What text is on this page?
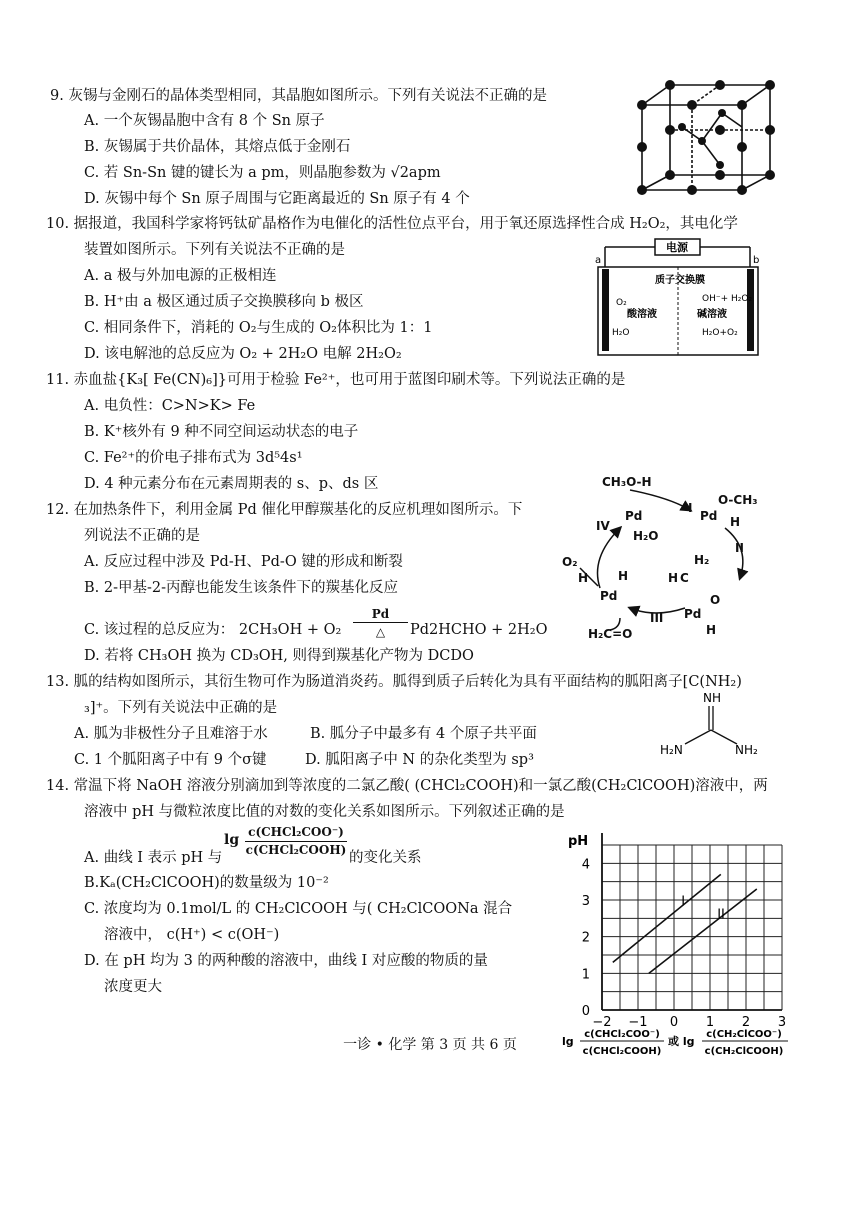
9. 灰锡与金刚石的晶体类型相同，其晶胞如图所示。下列有关说法不正确的是
A. 一个灰锡晶胞中含有 8 个 Sn 原子
B. 灰锡属于共价晶体，其熔点低于金刚石
C. 若 Sn-Sn 键的键长为 a pm，则晶胞参数为 √2apm
D. 灰锡中每个 Sn 原子周围与它距离最近的 Sn 原子有 4 个
10. 据报道，我国科学家将钙钛矿晶格作为电催化的活性位点平台，用于氧还原选择性合成 H₂O₂，其电化学
装置如图所示。下列有关说法不正确的是
A. a 极与外加电源的正极相连
B. H⁺由 a 极区通过质子交换膜移向 b 极区
C. 相同条件下，消耗的 O₂与生成的 O₂体积比为 1：1
D. 该电解池的总反应为 O₂ + 2H₂O 电解 2H₂O₂
电源
a	b
质子交换膜
酸溶液	碱溶液
O₂
H₂O
OH⁻+ H₂O₂
H₂O+O₂
11. 赤血盐{K₃[ Fe(CN)₆]}可用于检验 Fe²⁺，也可用于蓝图印刷术等。下列说法正确的是
A. 电负性：C>N>K> Fe
B. K⁺核外有 9 种不同空间运动状态的电子
C. Fe²⁺的价电子排布式为 3d⁵4s¹
D. 4 种元素分布在元素周期表的 s、p、ds 区
12. 在加热条件下，利用金属 Pd 催化甲醇羰基化的反应机理如图所示。下
列说法不正确的是
A. 反应过程中涉及 Pd-H、Pd-O 键的形成和断裂
B. 2-甲基-2-丙醇也能发生该条件下的羰基化反应
C. 该过程的总反应为： 2CH₃OH + O₂
Pd
△	Pd2HCHO + 2H₂O
D. 若将 CH₃OH 换为 CD₃OH, 则得到羰基化产物为 DCDO
CH₃O-H
Pd
IV
H₂O
I
Pd
O-CH₃
H
II
O₂
H
Pd
H
H₂
H C
O
Pd
H
III
H₂C=O
13. 胍的结构如图所示，其衍生物可作为肠道消炎药。胍得到质子后转化为具有平面结构的胍阳离子[C(NH₂)
₃]⁺。下列有关说法中正确的是
A. 胍为非极性分子且难溶于水	B. 胍分子中最多有 4 个原子共平面
C. 1 个胍阳离子中有 9 个σ键	D. 胍阳离子中 N 的杂化类型为 sp³
NH
H₂N	NH₂
14. 常温下将 NaOH 溶液分别滴加到等浓度的二氯乙酸( (CHCl₂COOH)和一氯乙酸(CH₂ClCOOH)溶液中，两
溶液中 pH 与微粒浓度比值的对数的变化关系如图所示。下列叙述正确的是
A. 曲线 I 表示 pH 与
lg c(CHCl₂COO⁻)
c(CHCl₂COOH) 的变化关系
B.Kₐ(CH₂ClCOOH)的数量级为 10⁻²
C. 浓度均为 0.1mol/L 的 CH₂ClCOOH 与( CH₂ClCOONa 混合
溶液中， c(H⁺) < c(OH⁻)
D. 在 pH 均为 3 的两种酸的溶液中，曲线 I 对应酸的物质的量
浓度更大
pH
I
II
0
1
2
3
4
−2 −1 0 1 2 3
lg
c(CHCl₂COO⁻)
c(CHCl₂COOH)
或 lg
c(CH₂ClCOO⁻)
c(CH₂ClCOOH)
一诊 • 化学 第 3 页 共 6 页
